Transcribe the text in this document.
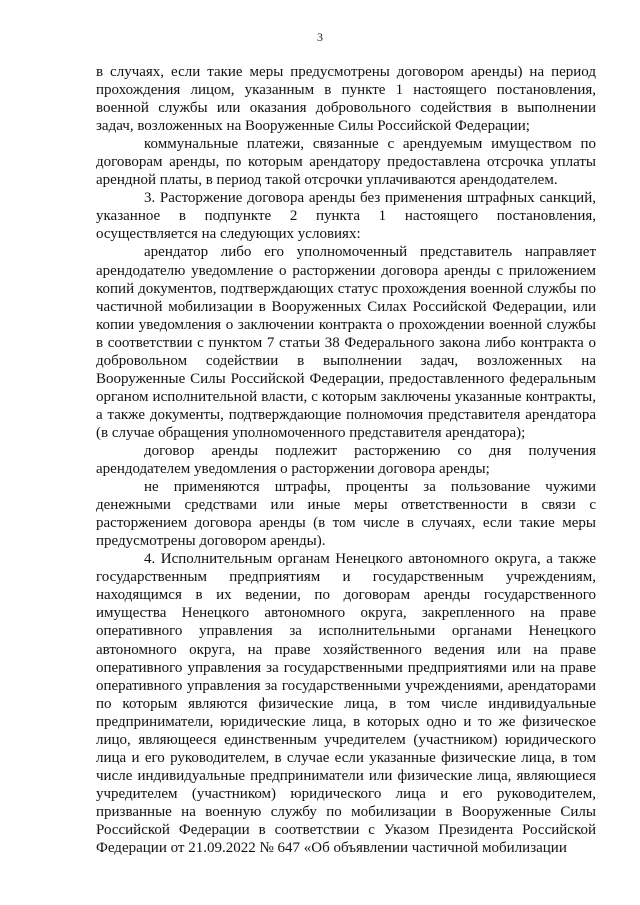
3

в случаях, если такие меры предусмотрены договором аренды) на период прохождения лицом, указанным в пункте 1 настоящего постановления, военной службы или оказания добровольного содействия в выполнении задач, возложенных на Вооруженные Силы Российской Федерации;

коммунальные платежи, связанные с арендуемым имуществом по договорам аренды, по которым арендатору предоставлена отсрочка уплаты арендной платы, в период такой отсрочки уплачиваются арендодателем.

3. Расторжение договора аренды без применения штрафных санкций, указанное в подпункте 2 пункта 1 настоящего постановления, осуществляется на следующих условиях:

арендатор либо его уполномоченный представитель направляет арендодателю уведомление о расторжении договора аренды с приложением копий документов, подтверждающих статус прохождения военной службы по частичной мобилизации в Вооруженных Силах Российской Федерации, или копии уведомления о заключении контракта о прохождении военной службы в соответствии с пунктом 7 статьи 38 Федерального закона либо контракта о добровольном содействии в выполнении задач, возложенных на Вооруженные Силы Российской Федерации, предоставленного федеральным органом исполнительной власти, с которым заключены указанные контракты, а также документы, подтверждающие полномочия представителя арендатора (в случае обращения уполномоченного представителя арендатора);

договор аренды подлежит расторжению со дня получения арендодателем уведомления о расторжении договора аренды;

не применяются штрафы, проценты за пользование чужими денежными средствами или иные меры ответственности в связи с расторжением договора аренды (в том числе в случаях, если такие меры предусмотрены договором аренды).

4. Исполнительным органам Ненецкого автономного округа, а также государственным предприятиям и государственным учреждениям, находящимся в их ведении, по договорам аренды государственного имущества Ненецкого автономного округа, закрепленного на праве оперативного управления за исполнительными органами Ненецкого автономного округа, на праве хозяйственного ведения или на праве оперативного управления за государственными предприятиями или на праве оперативного управления за государственными учреждениями, арендаторами по которым являются физические лица, в том числе индивидуальные предприниматели, юридические лица, в которых одно и то же физическое лицо, являющееся единственным учредителем (участником) юридического лица и его руководителем, в случае если указанные физические лица, в том числе индивидуальные предприниматели или физические лица, являющиеся учредителем (участником) юридического лица и его руководителем, призванные на военную службу по мобилизации в Вооруженные Силы Российской Федерации в соответствии с Указом Президента Российской Федерации от 21.09.2022 № 647 «Об объявлении частичной мобилизации
